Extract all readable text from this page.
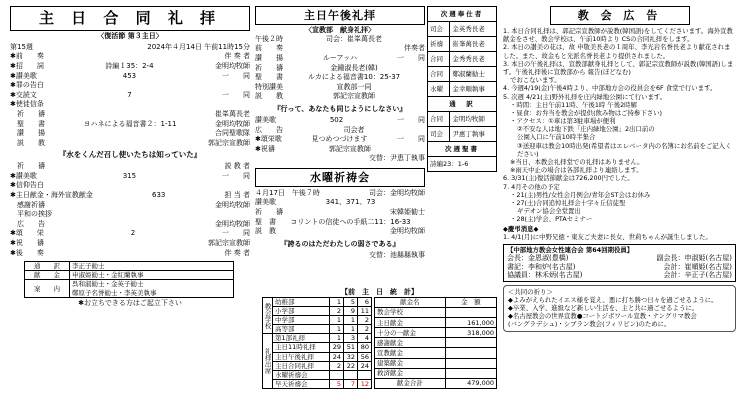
主 日 合 同 礼 拝
〈復活節 第３主日〉
第15週	2024年４月14日 午前11時15分
✱前　　奏	伴 奏 者
✱招　　詞	詩編１35：2-4	金明均牧師
✱讃美歌	453	一　　同
✱罪の告白
✱交読文	7	一　　同
✱使徒信条
　祈　　禱	崔峯萬長老
　聖　　書	ヨハネによる福音書２：1-11	金明均牧師
　讃　　揚	合同聖歌隊
　説　　教	郭記宗宣教師
『水をくんだ召し使いたちは知っていた』
　祈　　禱	説 教 者
✱讃美歌	315	一　　同
✱信仰告白
✱主日献金・海外宣教献金	633	担 当 者
　感謝祈禱	金明均牧師
　平和の挨拶
　広　　告	金明均牧師
✱頌　　栄	2	一　　同
✱祝　　禱	郭記宗宣教師
✱後　　奏	伴 奏 者
通　　訳	李正子勧士
献　　金	申淑姫勧士・金紅蘭執事
案　　内	呉和淑勧士・金英子勧士
鄭原子名誉勧士・李英美執事
✱お立ちできる方はご起立下さい
主日午後礼拝
〈宣教部　献身礼拝〉
午後２時	司会：崔峯萬長老
前　　奏	伴奏者
讃　　揚	ルーアッハ	一　　同
祈　　禱	金鍾淑長老(韓)
聖　　書	ルカによる福音書10：25-37
特別讃美	宣教部一同
説　　教	郭記宗宣教師
『行って、あなたも同じようにしなさい』
讃美歌	502	一　　同
広　　告	司会者
✱頌栄歌	見つめつづけます	一　　同
✱祝禱	郭記宗宣教師
交替：尹恵丁執事
水曜祈祷会
４月17日　午後７時	司会：金明均牧師
讃美歌	341、371、73
祈　　禱	宋韓姫勧士
聖　書	コリントの信徒への手紙二11：16-33
説　教	金明均牧師
『誇るのはただわたしの弱さである』
交替：池縣縣執事
【前　主　日　統　計】
教会学校	幼稚部	1	5	6
	小学部	2	9	11
	中学部	1	1	2
	高等部	1	1	2
礼拝出席	第1部礼拝	1	3	4
	主日11時礼拝	29	51	80
	主日午後礼拝	24	32	56
	主日合同礼拝	2	22	24
	水曜祈禱会			
	早天祈禱会	5	7	12
献金名	金　額
教会学校	
主日献金	161,000
十分の一献金	318,000
感謝献金	
宣教献金	
建築献金	
救済献金	
献金合計	479,000
次週奉仕者	
司会	金英秀長老
祈禱	崔峯萬長老
合同	金秀秀長老
合同	鄭淑蘭勧士
水曜	金幸順執事
通　訳	
合同	金明均牧師
司会	尹惠丁執事
次週聖書	
詩編23：1-6	
教 会 広 告

1. 本日合同礼拝は、郭記宗宣教師が説教(韓国語)をしてくださいます。海外宣教献金をさせ、教会学校は、午前10時より CSの合同礼拝をします。

2. 本日の讃美の花は、故 申敬美長老の１周年、李光岩名誉長老より献花されました。また、故金もと光派名誉長老より提供されました。

3. 本日の午後礼拝は、宣教部献身礼拝として、郭記宗宣教師が説教(韓国語)します。午後礼拝後に宣教部から 報告(ぼどなむ)

でおこないます。

4. 今週4/19(金)午後4時より、中部地方会の役員会を6F 食堂で行います。

5. 次週 4/21(主)野外礼拝を庄内緑地公園にて行います。

・時間：主日午前11時、午後1時 午後2時解

・昼食：お弁当を教会が提供(飲み物はご持参下さい)

・アクセス：①車は第3駐車場が便利

②不安な人は地下鉄「庄内緑地公園」2出口前の

公園入口に午前10時半集合

③送迎車は教会10時出発(希望者はエレベータ内の名簿にお名前をご記入ください)

※当日、本教会礼拝堂での礼拝はありません。

※雨天中止の場合は各部礼拝より連絡します。

6. 3/31(主)復活節献金は726,200円でした。

7. 4月その他の予定

・21(主)男性/女性会月例会/青年会ST会はお休み

・27(土)合同追悼礼拝会十字々丘信徒聖

ギデオン協会全堂置出

・28(主)学会、PTAセミナー

◆慶弔消息◆

1. 4/1(月)に中野兄徳・東友ご夫妻に長女、世莉ちゃんが誕生しました。

【中部地方教会女性連合会 第64回期役員】

会長：金恩淑(豊橋)	副会長：申淑姫(名古屋)
書記：李和炉(名古屋)	会計：崔順姫(名古屋)
協議員：林禾炳(名古屋)	会計：辛正子(名古屋)

＜共同の祈り＞

◆よみがえられたイエス様を覚え、悪に打ち勝つ日々を過ごせるように。

◆卒業、入学、進級など新しい生活を、主と共に過ごせるように。

◆名古屋教会の世界宣教●コートジボワール宣教・ナングリマ教会

(バングラデシュ)・シブラン教会(フィリピン)のために。
